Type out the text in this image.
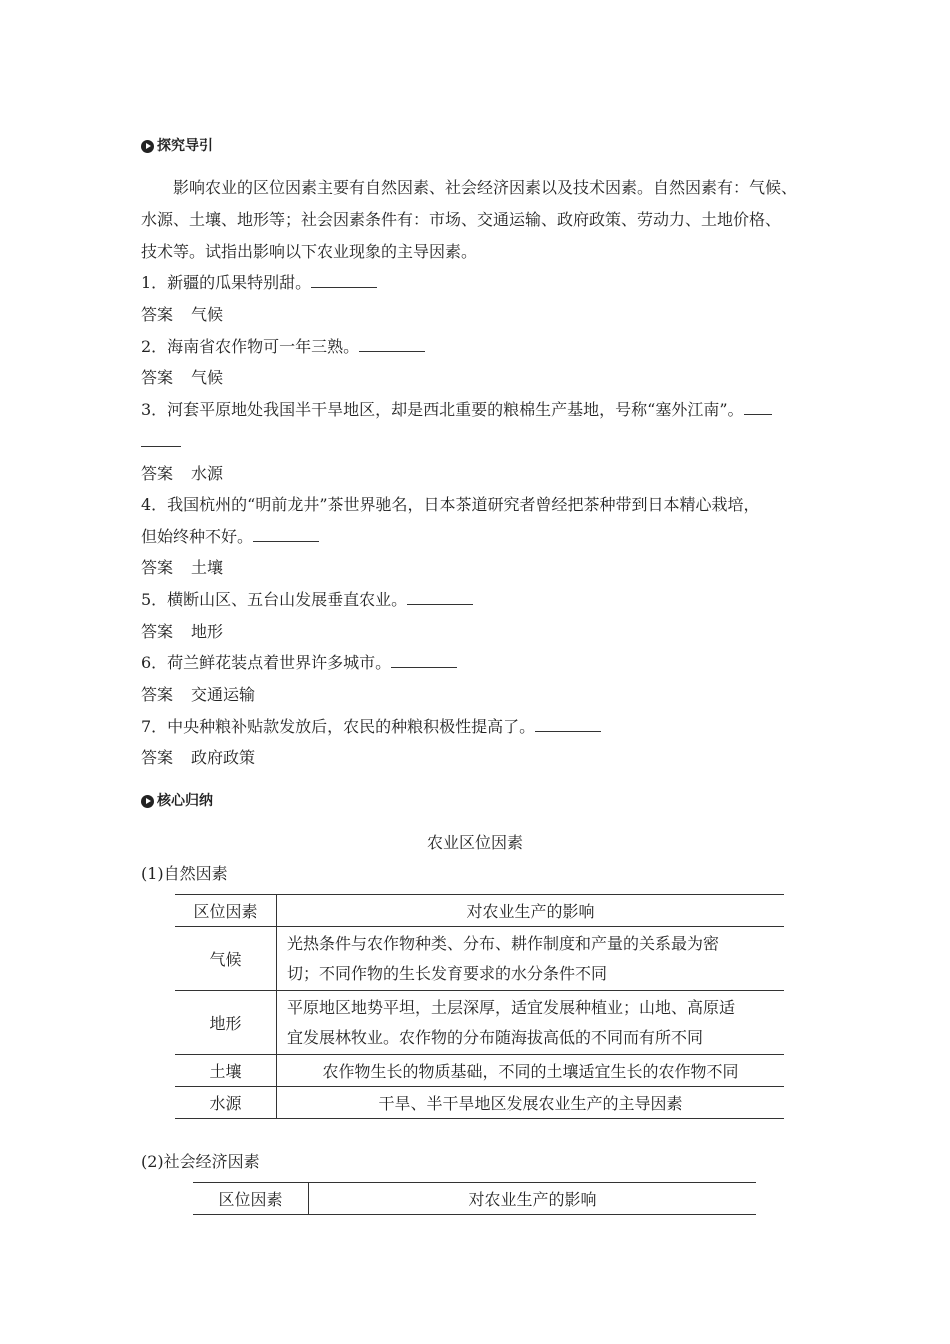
探究导引
影响农业的区位因素主要有自然因素、社会经济因素以及技术因素。自然因素有：气候、
水源、土壤、地形等；社会因素条件有：市场、交通运输、政府政策、劳动力、土地价格、
技术等。试指出影响以下农业现象的主导因素。
1．新疆的瓜果特别甜。
答案 气候
2．海南省农作物可一年三熟。
答案 气候
3．河套平原地处我国半干旱地区，却是西北重要的粮棉生产基地，号称“塞外江南”。
答案 水源
4．我国杭州的“明前龙井”茶世界驰名，日本茶道研究者曾经把茶种带到日本精心栽培，
但始终种不好。
答案 土壤
5．横断山区、五台山发展垂直农业。
答案 地形
6．荷兰鲜花装点着世界许多城市。
答案 交通运输
7．中央种粮补贴款发放后，农民的种粮积极性提高了。
答案 政府政策
核心归纳
农业区位因素
(1)自然因素
区位因素	对农业生产的影响
气候	光热条件与农作物种类、分布、耕作制度和产量的关系最为密
切；不同作物的生长发育要求的水分条件不同

地形	平原地区地势平坦，土层深厚，适宜发展种植业；山地、高原适
宜发展林牧业。农作物的分布随海拔高低的不同而有所不同

土壤	农作物生长的物质基础，不同的土壤适宜生长的农作物不同
水源	干旱、半干旱地区发展农业生产的主导因素
(2)社会经济因素
区位因素	对农业生产的影响
